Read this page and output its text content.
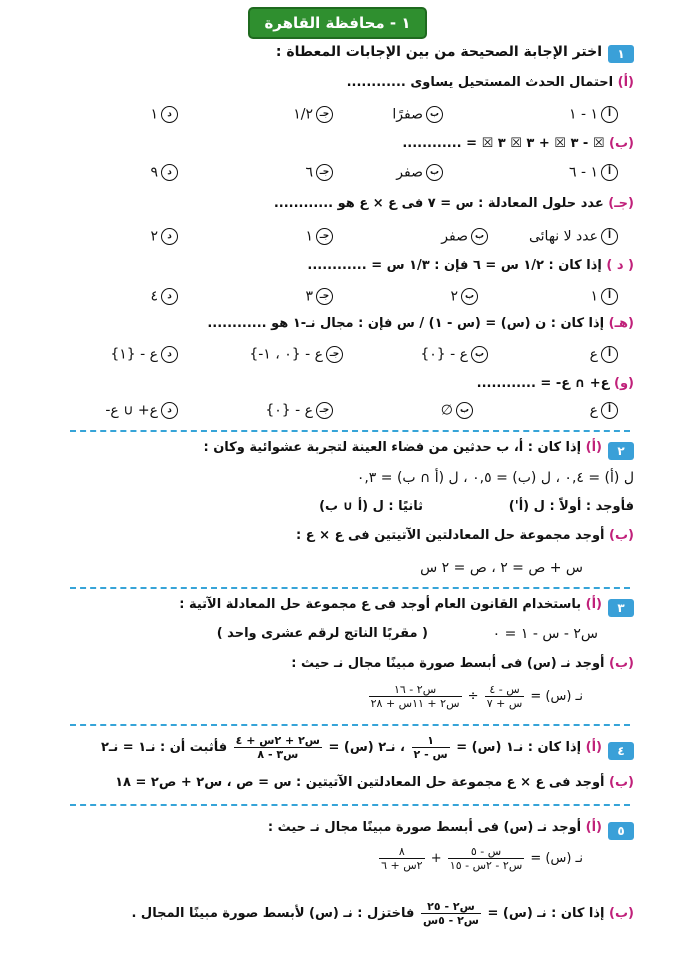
١ - محافظة القاهرة
١
اختر الإجابة الصحيحة من بين الإجابات المعطاة :
(أ) احتمال الحدث المستحيل يساوى ............
أ١ - ١
بصفرًا
جـ١/٢
د١
(ب) ☒ - ٣ ☒ + ٣ ☒ ٣ ☒ = ............
أ١ - ٦
بصفر
جـ٦
د٩
(جـ) عدد حلول المعادلة : س = ٧ فى ع × ع هو ............
أعدد لا نهائى
بصفر
جـ١
د٢
( د ) إذا كان : ١/٢ س = ٦ فإن : ١/٣ س = ............
أ١
ب٢
جـ٣
د٤
(هـ) إذا كان : ن (س) = (س - ١) / س فإن : مجال نـ-١ هو ............
أع
بع - {٠}
جـع - {٠ ، ١-}
دع - {١}
(و) ع+ ∩ ع- = ............
أع
ب∅
جـع - {٠}
دع+ ∪ ع-
٢
(أ) إذا كان : أ، ب حدثين من فضاء العينة لتجربة عشوائية وكان :
ل (أ) = ٠,٤ ، ل (ب) = ٠,٥ ، ل (أ ∩ ب) = ٠,٣
فأوجد : أولاً : ل (أ')
ثانيًا : ل (أ ∪ ب)
(ب) أوجد مجموعة حل المعادلتين الآتيتين فى ع × ع :
س + ص = ٢ ، ص = ٢ س
٣
(أ) باستخدام القانون العام أوجد فى ع مجموعة حل المعادلة الآتية :
س٢ - س - ١ = ٠
( مقربًا الناتج لرقم عشرى واحد )
(ب) أوجد نـ (س) فى أبسط صورة مبينًا مجال نـ حيث :
نـ (س) =
$\frac{\text{س - ٤}}{\text{س + ٧}}$
÷
$\frac{\text{س٢ - ١٦}}{\text{س٢ + ١١س + ٢٨}}$
٤
(أ) إذا كان : نـ١ (س) =
$\frac{١}{\text{س - ٢}}$
، نـ٢ (س) =
$\frac{\text{س٢ + ٢س + ٤}}{\text{س٣ - ٨}}$
فأثبت أن : نـ١ = نـ٢
(ب) أوجد فى ع × ع مجموعة حل المعادلتين الآتيتين : س = ص ، س٢ + ص٢ = ١٨
٥
(أ) أوجد نـ (س) فى أبسط صورة مبينًا مجال نـ حيث :
نـ (س) =
$\frac{\text{س - ٥}}{\text{س٢ - ٢س - ١٥}}$
+
$\frac{٨}{\text{٢س + ٦}}$
(ب) إذا كان : نـ (س) =
$\frac{\text{س٢ - ٢٥}}{\text{س٢ - ٥س}}$
فاختزل : نـ (س) لأبسط صورة مبينًا المجال .
